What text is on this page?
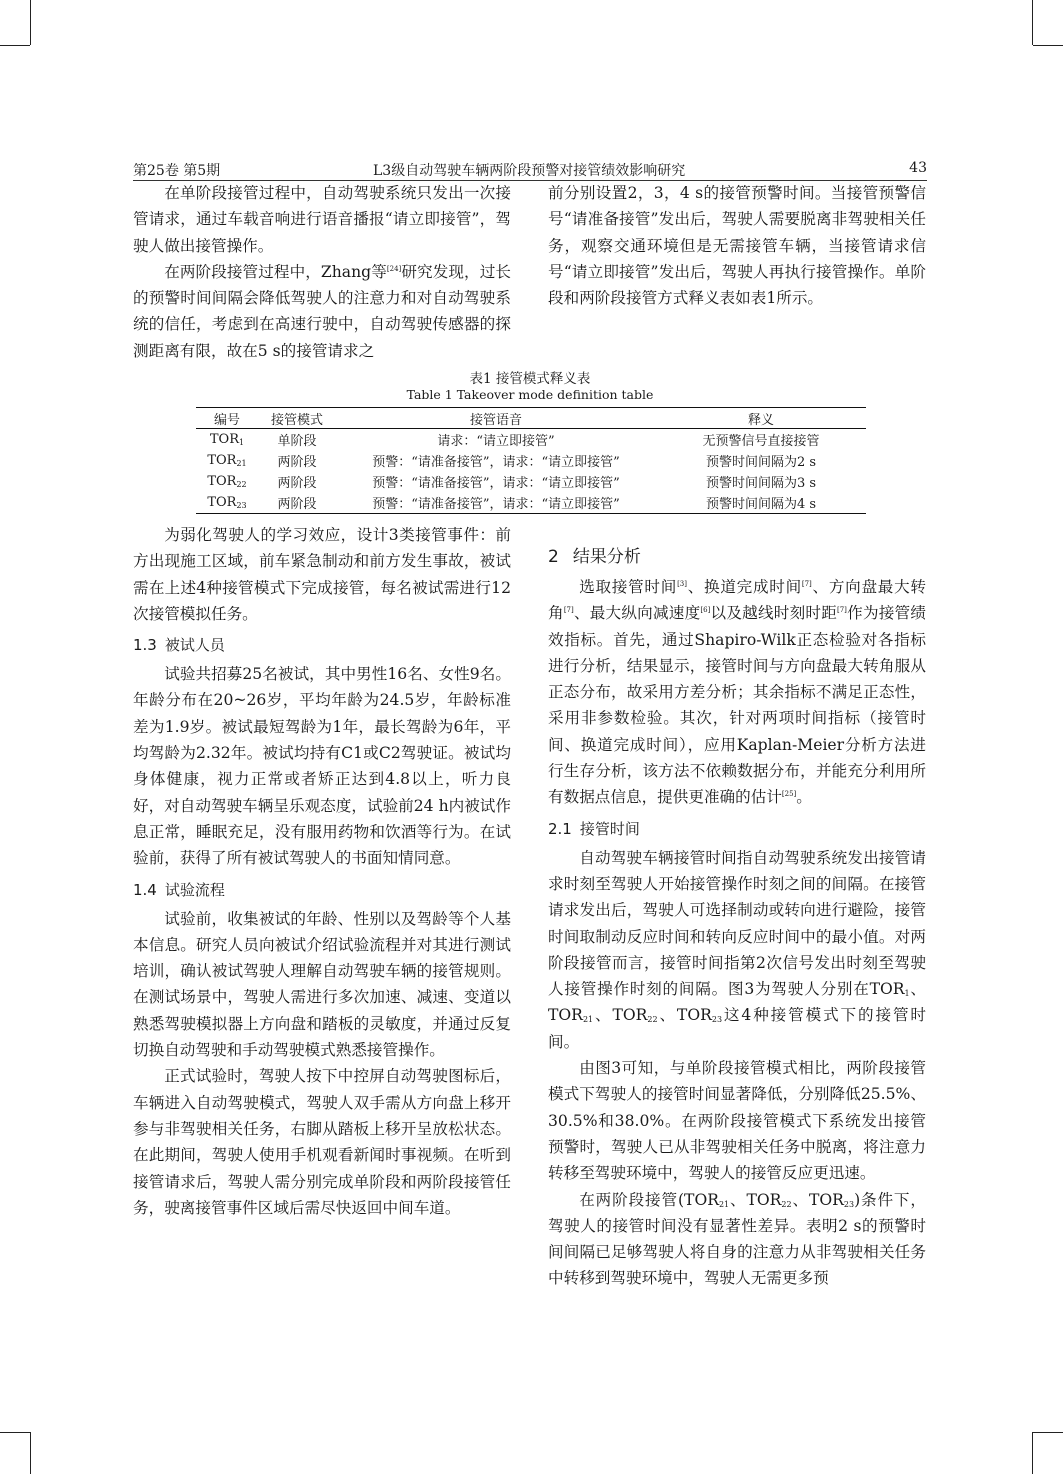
第25卷 第5期	L3级自动驾驶车辆两阶段预警对接管绩效影响研究	43

在单阶段接管过程中，自动驾驶系统只发出一次接管请求，通过车载音响进行语音播报“请立即接管”，驾驶人做出接管操作。

在两阶段接管过程中，Zhang等[24]研究发现，过长的预警时间间隔会降低驾驶人的注意力和对自动驾驶系统的信任，考虑到在高速行驶中，自动驾驶传感器的探测距离有限，故在5 s的接管请求之

前分别设置2，3，4 s的接管预警时间。当接管预警信号“请准备接管”发出后，驾驶人需要脱离非驾驶相关任务，观察交通环境但是无需接管车辆，当接管请求信号“请立即接管”发出后，驾驶人再执行接管操作。单阶段和两阶段接管方式释义表如表1所示。

表1 接管模式释义表
Table 1 Takeover mode definition table
编号	接管模式	接管语音	释义
$TOR_1$	单阶段	请求：“请立即接管”	无预警信号直接接管
$TOR_{21}$	两阶段	预警：“请准备接管”，请求：“请立即接管”	预警时间间隔为2 s
$TOR_{22}$	两阶段	预警：“请准备接管”，请求：“请立即接管”	预警时间间隔为3 s
$TOR_{23}$	两阶段	预警：“请准备接管”，请求：“请立即接管”	预警时间间隔为4 s

为弱化驾驶人的学习效应，设计3类接管事件：前方出现施工区域，前车紧急制动和前方发生事故，被试需在上述4种接管模式下完成接管，每名被试需进行12次接管模拟任务。

1.3 被试人员

试验共招募25名被试，其中男性16名、女性9名。年龄分布在20~26岁，平均年龄为24.5岁，年龄标准差为1.9岁。被试最短驾龄为1年，最长驾龄为6年，平均驾龄为2.32年。被试均持有C1或C2驾驶证。被试均身体健康，视力正常或者矫正达到4.8以上，听力良好，对自动驾驶车辆呈乐观态度，试验前24 h内被试作息正常，睡眠充足，没有服用药物和饮酒等行为。在试验前，获得了所有被试驾驶人的书面知情同意。

1.4 试验流程

试验前，收集被试的年龄、性别以及驾龄等个人基本信息。研究人员向被试介绍试验流程并对其进行测试培训，确认被试驾驶人理解自动驾驶车辆的接管规则。在测试场景中，驾驶人需进行多次加速、减速、变道以熟悉驾驶模拟器上方向盘和踏板的灵敏度，并通过反复切换自动驾驶和手动驾驶模式熟悉接管操作。

正式试验时，驾驶人按下中控屏自动驾驶图标后，车辆进入自动驾驶模式，驾驶人双手需从方向盘上移开参与非驾驶相关任务，右脚从踏板上移开呈放松状态。在此期间，驾驶人使用手机观看新闻时事视频。在听到接管请求后，驾驶人需分别完成单阶段和两阶段接管任务，驶离接管事件区域后需尽快返回中间车道。

2 结果分析

选取接管时间[3]、换道完成时间[7]、方向盘最大转角[7]、最大纵向减速度[6]以及越线时刻时距[7]作为接管绩效指标。首先，通过Shapiro-Wilk正态检验对各指标进行分析，结果显示，接管时间与方向盘最大转角服从正态分布，故采用方差分析；其余指标不满足正态性，采用非参数检验。其次，针对两项时间指标（接管时间、换道完成时间），应用Kaplan-Meier分析方法进行生存分析，该方法不依赖数据分布，并能充分利用所有数据点信息，提供更准确的估计[25]。

2.1 接管时间

自动驾驶车辆接管时间指自动驾驶系统发出接管请求时刻至驾驶人开始接管操作时刻之间的间隔。在接管请求发出后，驾驶人可选择制动或转向进行避险，接管时间取制动反应时间和转向反应时间中的最小值。对两阶段接管而言，接管时间指第2次信号发出时刻至驾驶人接管操作时刻的间隔。图3为驾驶人分别在$TOR_1$、$TOR_{21}$、$TOR_{22}$、$TOR_{23}$这4种接管模式下的接管时间。

由图3可知，与单阶段接管模式相比，两阶段接管模式下驾驶人的接管时间显著降低，分别降低25.5%、30.5%和38.0%。在两阶段接管模式下系统发出接管预警时，驾驶人已从非驾驶相关任务中脱离，将注意力转移至驾驶环境中，驾驶人的接管反应更迅速。

在两阶段接管($TOR_{21}$、$TOR_{22}$、$TOR_{23}$)条件下，驾驶人的接管时间没有显著性差异。表明2 s的预警时间间隔已足够驾驶人将自身的注意力从非驾驶相关任务中转移到驾驶环境中，驾驶人无需更多预
